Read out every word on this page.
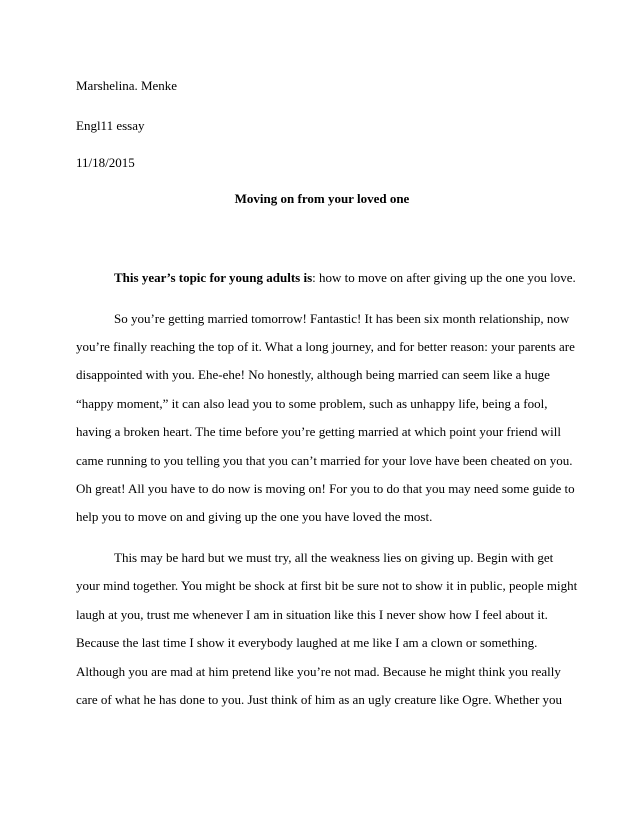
Marshelina. Menke
Engl11 essay
11/18/2015
Moving on from your loved one
This year’s topic for young adults is: how to move on after giving up the one you love.
So you’re getting married tomorrow! Fantastic! It has been six month relationship, now
you’re finally reaching the top of it. What a long journey, and for better reason: your parents are
disappointed with you. Ehe-ehe! No honestly, although being married can seem like a huge
“happy moment,” it can also lead you to some problem, such as unhappy life, being a fool,
having a broken heart. The time before you’re getting married at which point your friend will
came running to you telling you that you can’t married for your love have been cheated on you.
Oh great! All you have to do now is moving on! For you to do that you may need some guide to
help you to move on and giving up the one you have loved the most.
This may be hard but we must try, all the weakness lies on giving up. Begin with get
your mind together. You might be shock at first bit be sure not to show it in public, people might
laugh at you, trust me whenever I am in situation like this I never show how I feel about it.
Because the last time I show it everybody laughed at me like I am a clown or something.
Although you are mad at him pretend like you’re not mad. Because he might think you really
care of what he has done to you. Just think of him as an ugly creature like Ogre. Whether you
